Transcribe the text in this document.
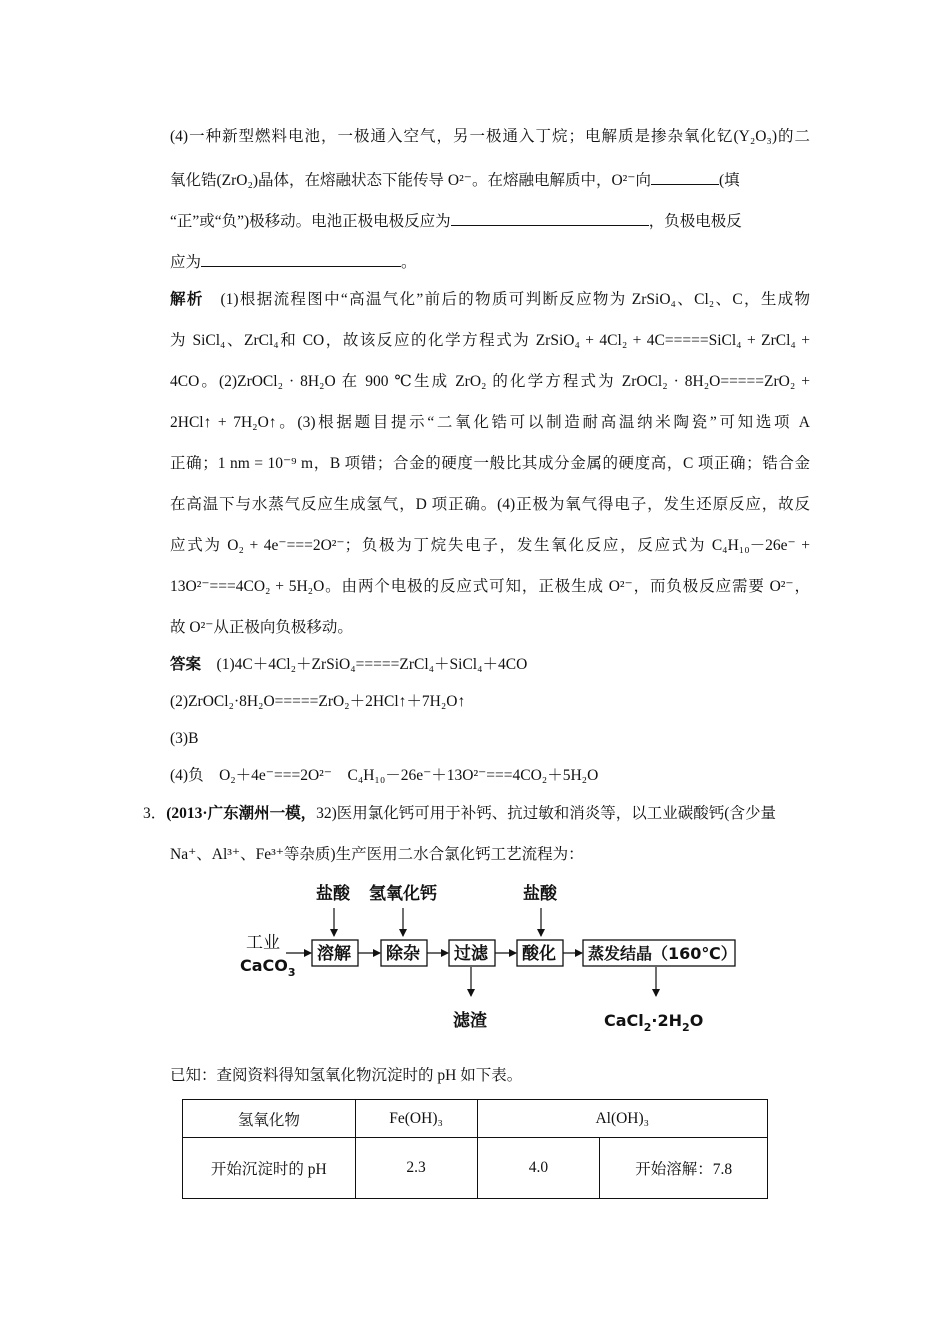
(4)一种新型燃料电池，一极通入空气，另一极通入丁烷；电解质是掺杂氧化钇(Y₂O₃)的二
氧化锆(ZrO₂)晶体，在熔融状态下能传导 O²⁻。在熔融电解质中，O²⁻向	(填
“正”或“负”)极移动。电池正极电极反应为	，负极电极反
应为	。
解析　 (1)根据流程图中“高温气化”前后的物质可判断反应物为 ZrSiO₄、Cl₂、C，生成物
为 SiCl₄、ZrCl₄和 CO，故该反应的化学方程式为 ZrSiO₄ + 4Cl₂ + 4C=====SiCl₄ + ZrCl₄ +
4CO。(2)ZrOCl₂ · 8H₂O 在 900 ℃生成 ZrO₂ 的化学方程式为 ZrOCl₂ · 8H₂O=====ZrO₂ +
2HCl↑ + 7H₂O↑。(3)根据题目提示“二氧化锆可以制造耐高温纳米陶瓷”可知选项 A
正确；1 nm = 10⁻⁹ m，B 项错；合金的硬度一般比其成分金属的硬度高，C 项正确；锆合金
在高温下与水蒸气反应生成氢气，D 项正确。(4)正极为氧气得电子，发生还原反应，故反
应式为 O₂ + 4e⁻===2O²⁻；负极为丁烷失电子，发生氧化反应，反应式为 C₄H₁₀－26e⁻ +
13O²⁻===4CO₂ + 5H₂O。由两个电极的反应式可知，正极生成 O²⁻，而负极反应需要 O²⁻，
故 O²⁻从正极向负极移动。
答案　 (1)4C＋4Cl₂＋ZrSiO₄=====ZrCl₄＋SiCl₄＋4CO
(2)ZrOCl₂·8H₂O=====ZrO₂＋2HCl↑＋7H₂O↑
(3)B
(4)负　O₂＋4e⁻===2O²⁻　C₄H₁₀－26e⁻＋13O²⁻===4CO₂＋5H₂O
3．(2013·广东潮州一模，32)医用氯化钙可用于补钙、抗过敏和消炎等，以工业碳酸钙(含少量
Na⁺、Al³⁺、Fe³⁺等杂质)生产医用二水合氯化钙工艺流程为：
工业
CaCO$_3$
盐酸 氢氧化钙	盐酸
溶解 除杂 过滤 酸化 蒸发结晶（160℃）
滤渣	$CaCl_2\cdot 2H_2O$
已知：查阅资料得知氢氧化物沉淀时的 pH 如下表。
氢氧化物	Fe(OH)₃	Al(OH)₃	
开始沉淀时的 pH	2.3	4.0	开始溶解：7.8
